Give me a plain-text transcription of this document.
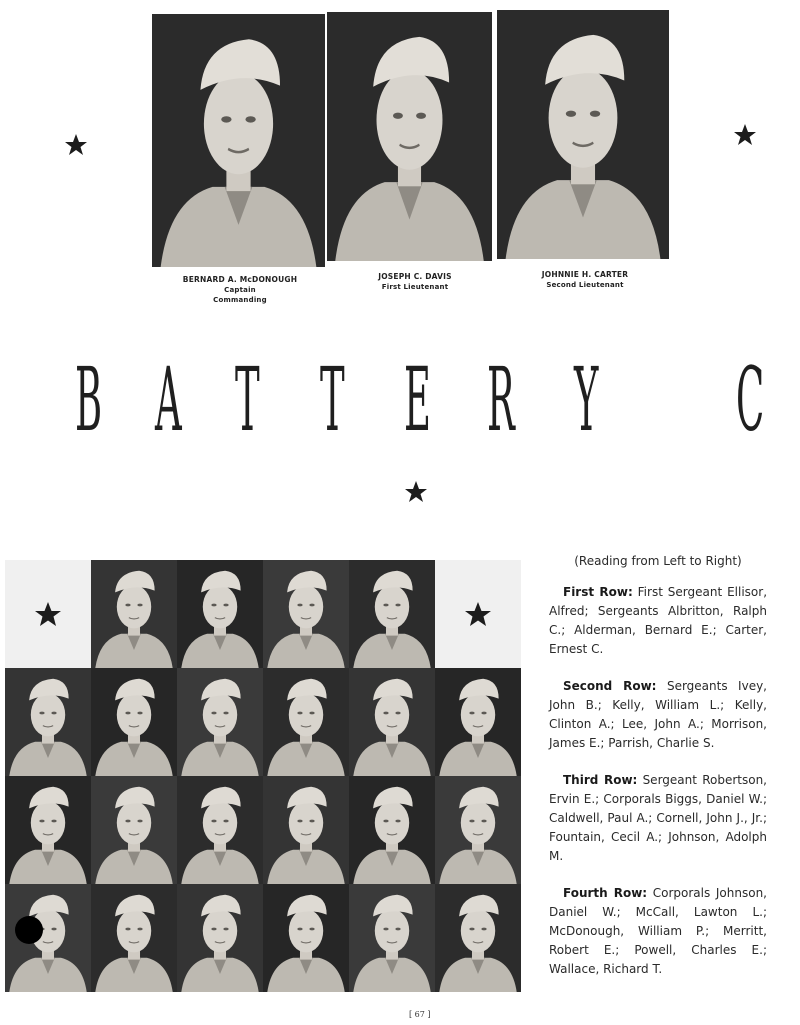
BERNARD A. McDONOUGH
Captain
Commanding
JOSEPH C. DAVIS
First Lieutenant
JOHNNIE H. CARTER
Second Lieutenant
B A T T E R Y C
(Reading from Left to Right)

First Row: First Sergeant Ellisor, Alfred; Sergeants Albritton, Ralph C.; Alderman, Bernard E.; Carter, Ernest C.

Second Row: Sergeants Ivey, John B.; Kelly, William L.; Kelly, Clinton A.; Lee, John A.; Morrison, James E.; Parrish, Charlie S.

Third Row: Sergeant Robertson, Ervin E.; Corporals Biggs, Daniel W.; Caldwell, Paul A.; Cornell, John J., Jr.; Fountain, Cecil A.; Johnson, Adolph M.

Fourth Row: Corporals Johnson, Daniel W.; McCall, Lawton L.; McDonough, William P.; Merritt, Robert E.; Powell, Charles E.; Wallace, Richard T.

[ 67 ]
